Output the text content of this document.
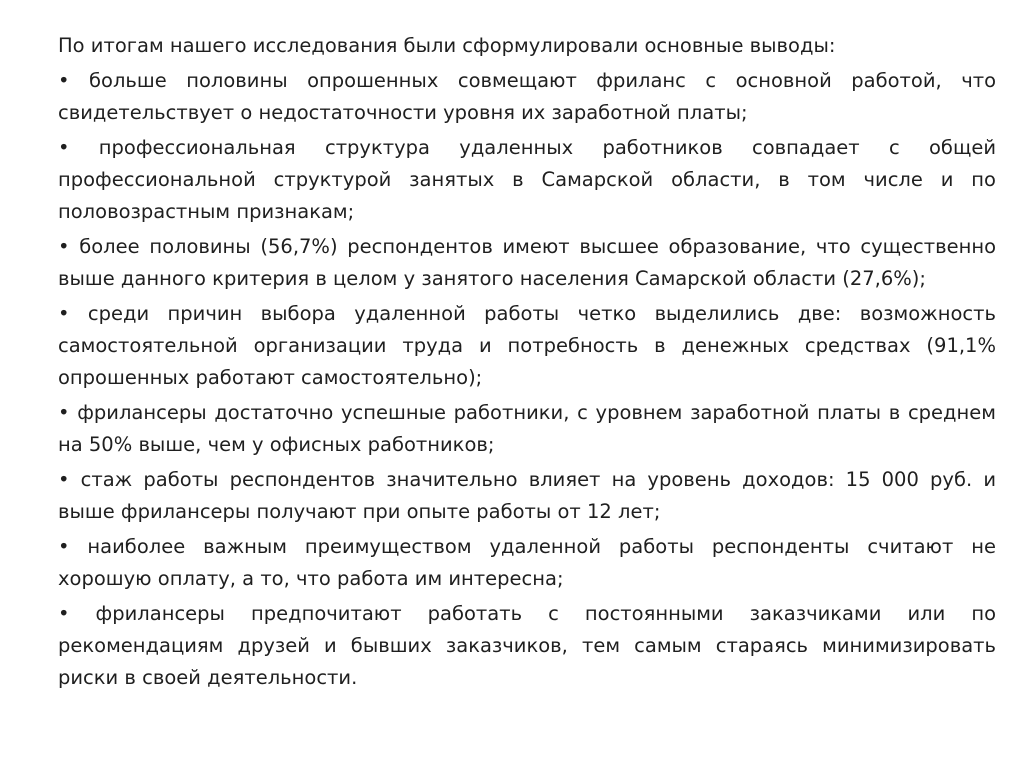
По итогам нашего исследования были сформулировали основные выводы:

• больше половины опрошенных совмещают фриланс с основной работой, что свидетельствует о недостаточности уровня их заработной платы;

• профессиональная структура удаленных работников совпадает с общей профессиональной структурой занятых в Самарской области, в том числе и по половозрастным признакам;

• более половины (56,7%) респондентов имеют высшее образование, что существенно выше данного критерия в целом у занятого населения Самарской области (27,6%);

• среди причин выбора удаленной работы четко выделились две: возможность самостоятельной организации труда и потребность в денежных средствах (91,1% опрошенных работают самостоятельно);

• фрилансеры достаточно успешные работники, с уровнем заработной платы в среднем на 50% выше, чем у офисных работников;

• стаж работы респондентов значительно влияет на уровень доходов: 15 000 руб. и выше фрилансеры получают при опыте работы от 12 лет;

• наиболее важным преимуществом удаленной работы респонденты считают не хорошую оплату, а то, что работа им интересна;

• фрилансеры предпочитают работать с постоянными заказчиками или по рекомендациям друзей и бывших заказчиков, тем самым стараясь минимизировать риски в своей деятельности.
